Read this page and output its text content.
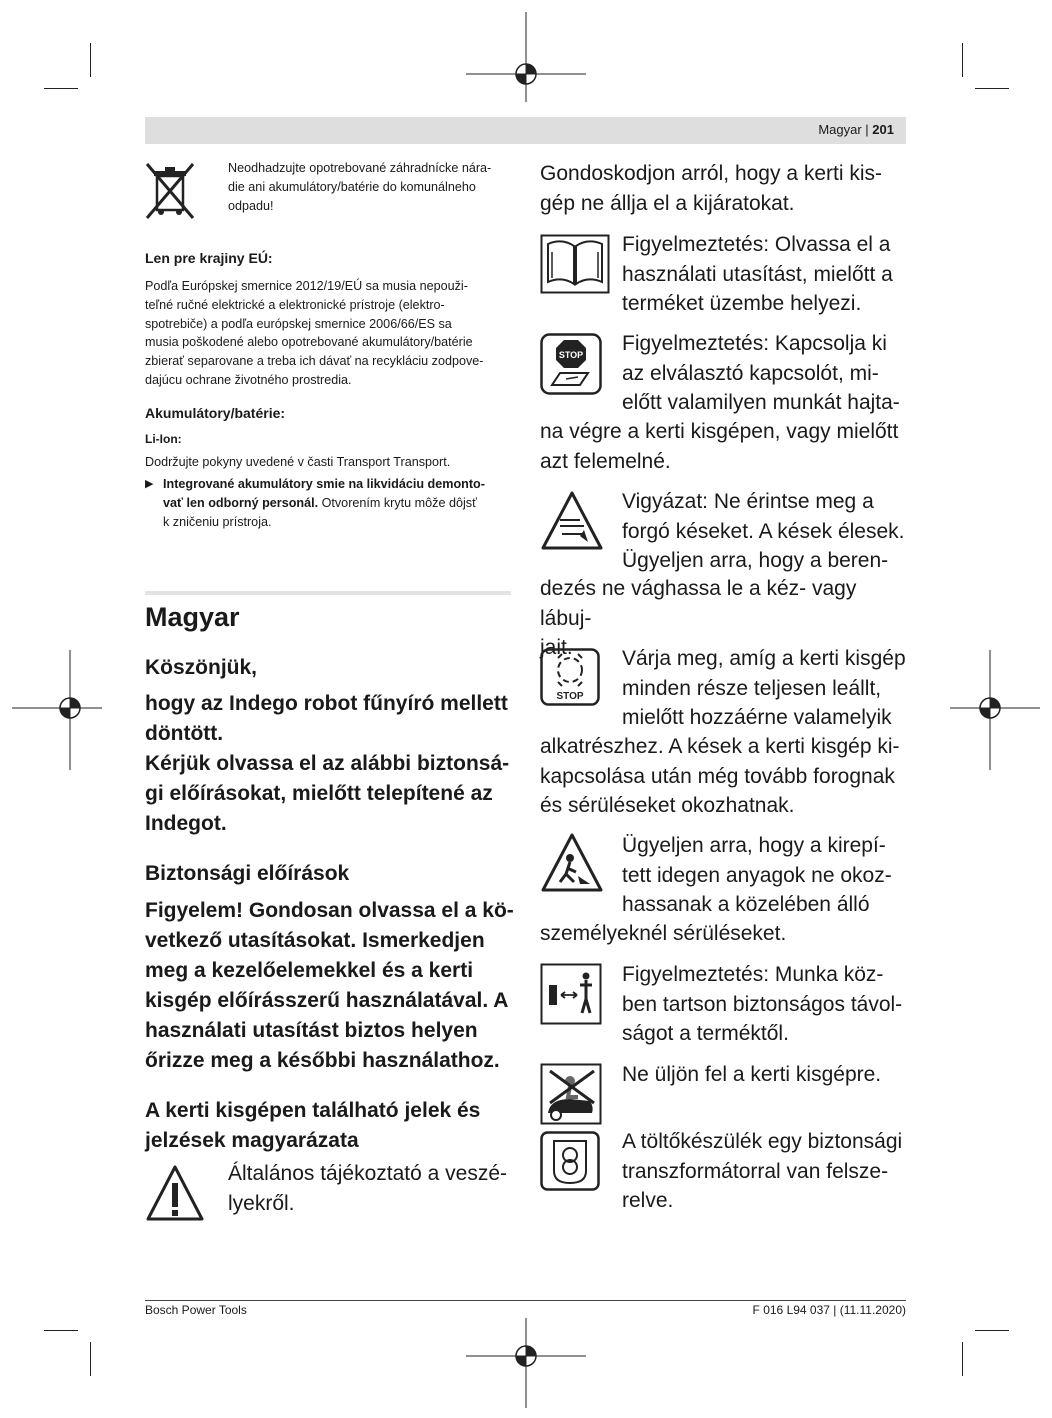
Magyar | 201

Neodhadzujte opotrebované záhradnícke nára-

die ani akumulátory/batérie do komunálneho

odpadu!

Len pre krajiny EÚ:

Podľa Európskej smernice 2012/19/EÚ sa musia nepouži-

teľné ručné elektrické a elektronické prístroje (elektro-

spotrebiče) a podľa európskej smernice 2006/66/ES sa

musia poškodené alebo opotrebované akumulátory/batérie

zbierať separovane a treba ich dávať na recykláciu zodpove-

dajúcu ochrane životného prostredia.

Akumulátory/batérie:
Li-Ion:
Dodržujte pokyny uvedené v časti Transport Transport.
▶ Integrované akumulátory smie na likvidáciu demonto-

vať len odborný personál. Otvorením krytu môže dôjsť

k zničeniu prístroja.

Magyar
Köszönjük,

hogy az Indego robot fűnyíró mellett

döntött.

Kérjük olvassa el az alábbi biztonsá-

gi előírásokat, mielőtt telepítené az

Indegot.

Biztonsági előírások

Figyelem! Gondosan olvassa el a kö-

vetkező utasításokat. Ismerkedjen

meg a kezelőelemekkel és a kerti

kisgép előírásszerű használatával. A

használati utasítást biztos helyen

őrizze meg a későbbi használathoz.

A kerti kisgépen található jelek és

jelzések magyarázata

Általános tájékoztató a veszé-

lyekről.

Gondoskodjon arról, hogy a kerti kis-

gép ne állja el a kijáratokat.

Figyelmeztetés: Olvassa el a

használati utasítást, mielőtt a

terméket üzembe helyezi.

STOP Figyelmeztetés: Kapcsolja ki

az elválasztó kapcsolót, mi-

előtt valamilyen munkát hajta-

na végre a kerti kisgépen, vagy mielőtt

azt felemelné.

Vigyázat: Ne érintse meg a

forgó késeket. A kések élesek.

Ügyeljen arra, hogy a beren-

dezés ne vághassa le a kéz- vagy lábuj-

jait.

STOP

Várja meg, amíg a kerti kisgép

minden része teljesen leállt,

mielőtt hozzáérne valamelyik

alkatrészhez. A kések a kerti kisgép ki-

kapcsolása után még tovább forognak

és sérüléseket okozhatnak.

Ügyeljen arra, hogy a kirepí-

tett idegen anyagok ne okoz-

hassanak a közelében álló

személyeknél sérüléseket.

Figyelmeztetés: Munka köz-

ben tartson biztonságos távol-

ságot a terméktől.

Ne üljön fel a kerti kisgépre.

A töltőkészülék egy biztonsági

transzformátorral van felsze-

relve.

Bosch Power Tools	F 016 L94 037 | (11.11.2020)
